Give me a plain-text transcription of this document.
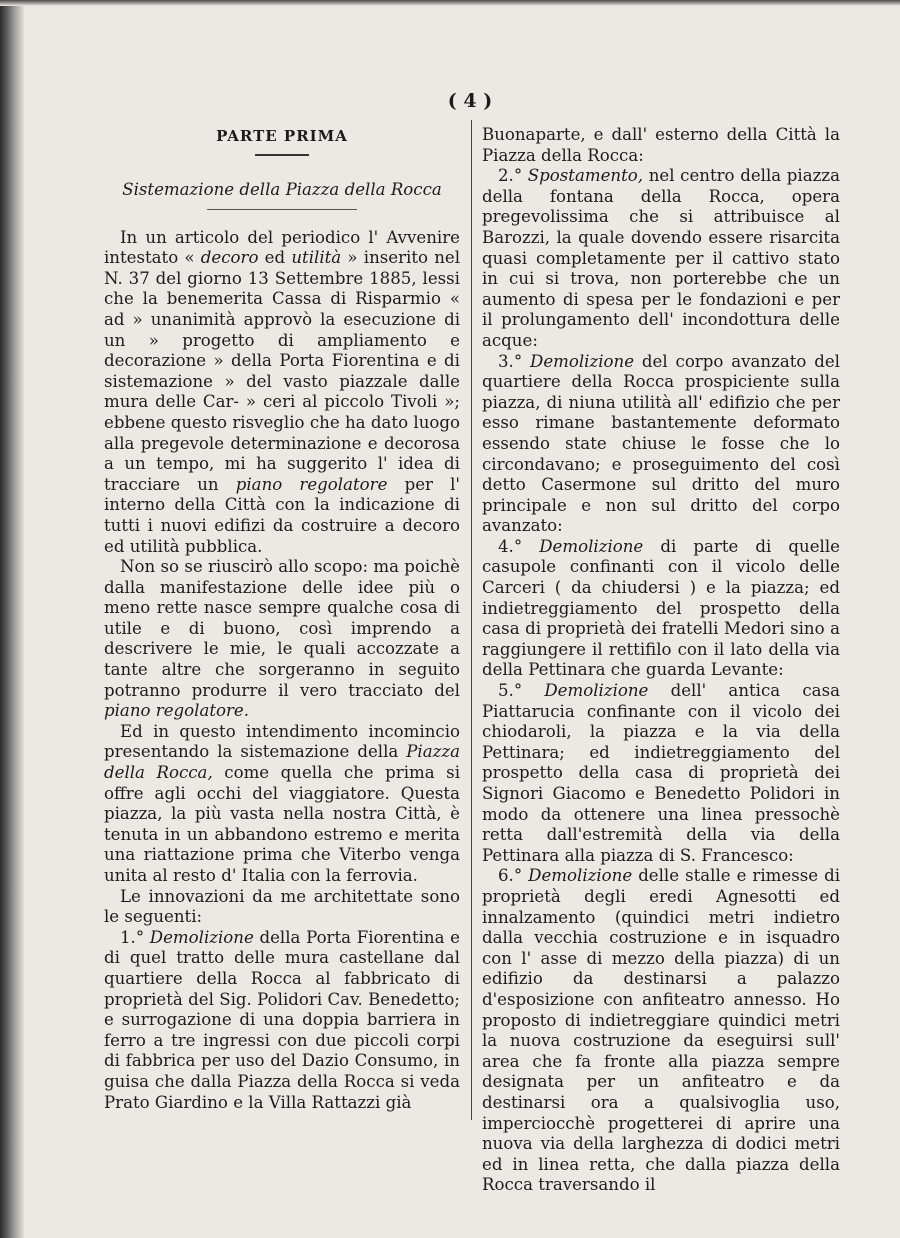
( 4 )
PARTE PRIMA
Sistemazione della Piazza della Rocca

In un articolo del periodico l' Avvenire intestato « decoro ed utilità » inserito nel N. 37 del giorno 13 Settembre 1885, lessi che la benemerita Cassa di Risparmio « ad » unanimità approvò la esecuzione di un » progetto di ampliamento e decorazione » della Porta Fiorentina e di sistemazione » del vasto piazzale dalle mura delle Car- » ceri al piccolo Tivoli »; ebbene questo risveglio che ha dato luogo alla pregevole determinazione e decorosa a un tempo, mi ha suggerito l' idea di tracciare un piano regolatore per l' interno della Città con la indicazione di tutti i nuovi edifizi da costruire a decoro ed utilità pubblica.

Non so se riuscirò allo scopo: ma poichè dalla manifestazione delle idee più o meno rette nasce sempre qualche cosa di utile e di buono, così imprendo a descrivere le mie, le quali accozzate a tante altre che sorgeranno in seguito potranno produrre il vero tracciato del piano regolatore.

Ed in questo intendimento incomincio presentando la sistemazione della Piazza della Rocca, come quella che prima si offre agli occhi del viaggiatore. Questa piazza, la più vasta nella nostra Città, è tenuta in un abbandono estremo e merita una riattazione prima che Viterbo venga unita al resto d' Italia con la ferrovia.

Le innovazioni da me architettate sono le seguenti:

1.° Demolizione della Porta Fiorentina e di quel tratto delle mura castellane dal quartiere della Rocca al fabbricato di proprietà del Sig. Polidori Cav. Benedetto; e surrogazione di una doppia barriera in ferro a tre ingressi con due piccoli corpi di fabbrica per uso del Dazio Consumo, in guisa che dalla Piazza della Rocca si veda Prato Giardino e la Villa Rattazzi già

Buonaparte, e dall' esterno della Città la Piazza della Rocca:

2.° Spostamento, nel centro della piazza della fontana della Rocca, opera pregevolissima che si attribuisce al Barozzi, la quale dovendo essere risarcita quasi completamente per il cattivo stato in cui si trova, non porterebbe che un aumento di spesa per le fondazioni e per il prolungamento dell' incondottura delle acque:

3.° Demolizione del corpo avanzato del quartiere della Rocca prospiciente sulla piazza, di niuna utilità all' edifizio che per esso rimane bastantemente deformato essendo state chiuse le fosse che lo circondavano; e proseguimento del così detto Casermone sul dritto del muro principale e non sul dritto del corpo avanzato:

4.° Demolizione di parte di quelle casupole confinanti con il vicolo delle Carceri ( da chiudersi ) e la piazza; ed indietreggiamento del prospetto della casa di proprietà dei fratelli Medori sino a raggiungere il rettifilo con il lato della via della Pettinara che guarda Levante:

5.° Demolizione dell' antica casa Piattarucia confinante con il vicolo dei chiodaroli, la piazza e la via della Pettinara; ed indietreggiamento del prospetto della casa di proprietà dei Signori Giacomo e Benedetto Polidori in modo da ottenere una linea pressochè retta dall'estremità della via della Pettinara alla piazza di S. Francesco:

6.° Demolizione delle stalle e rimesse di proprietà degli eredi Agnesotti ed innalzamento (quindici metri indietro dalla vecchia costruzione e in isquadro con l' asse di mezzo della piazza) di un edifizio da destinarsi a palazzo d'esposizione con anfiteatro annesso. Ho proposto di indietreggiare quindici metri la nuova costruzione da eseguirsi sull' area che fa fronte alla piazza sempre designata per un anfiteatro e da destinarsi ora a qualsivoglia uso, imperciocchè progetterei di aprire una nuova via della larghezza di dodici metri ed in linea retta, che dalla piazza della Rocca traversando il
